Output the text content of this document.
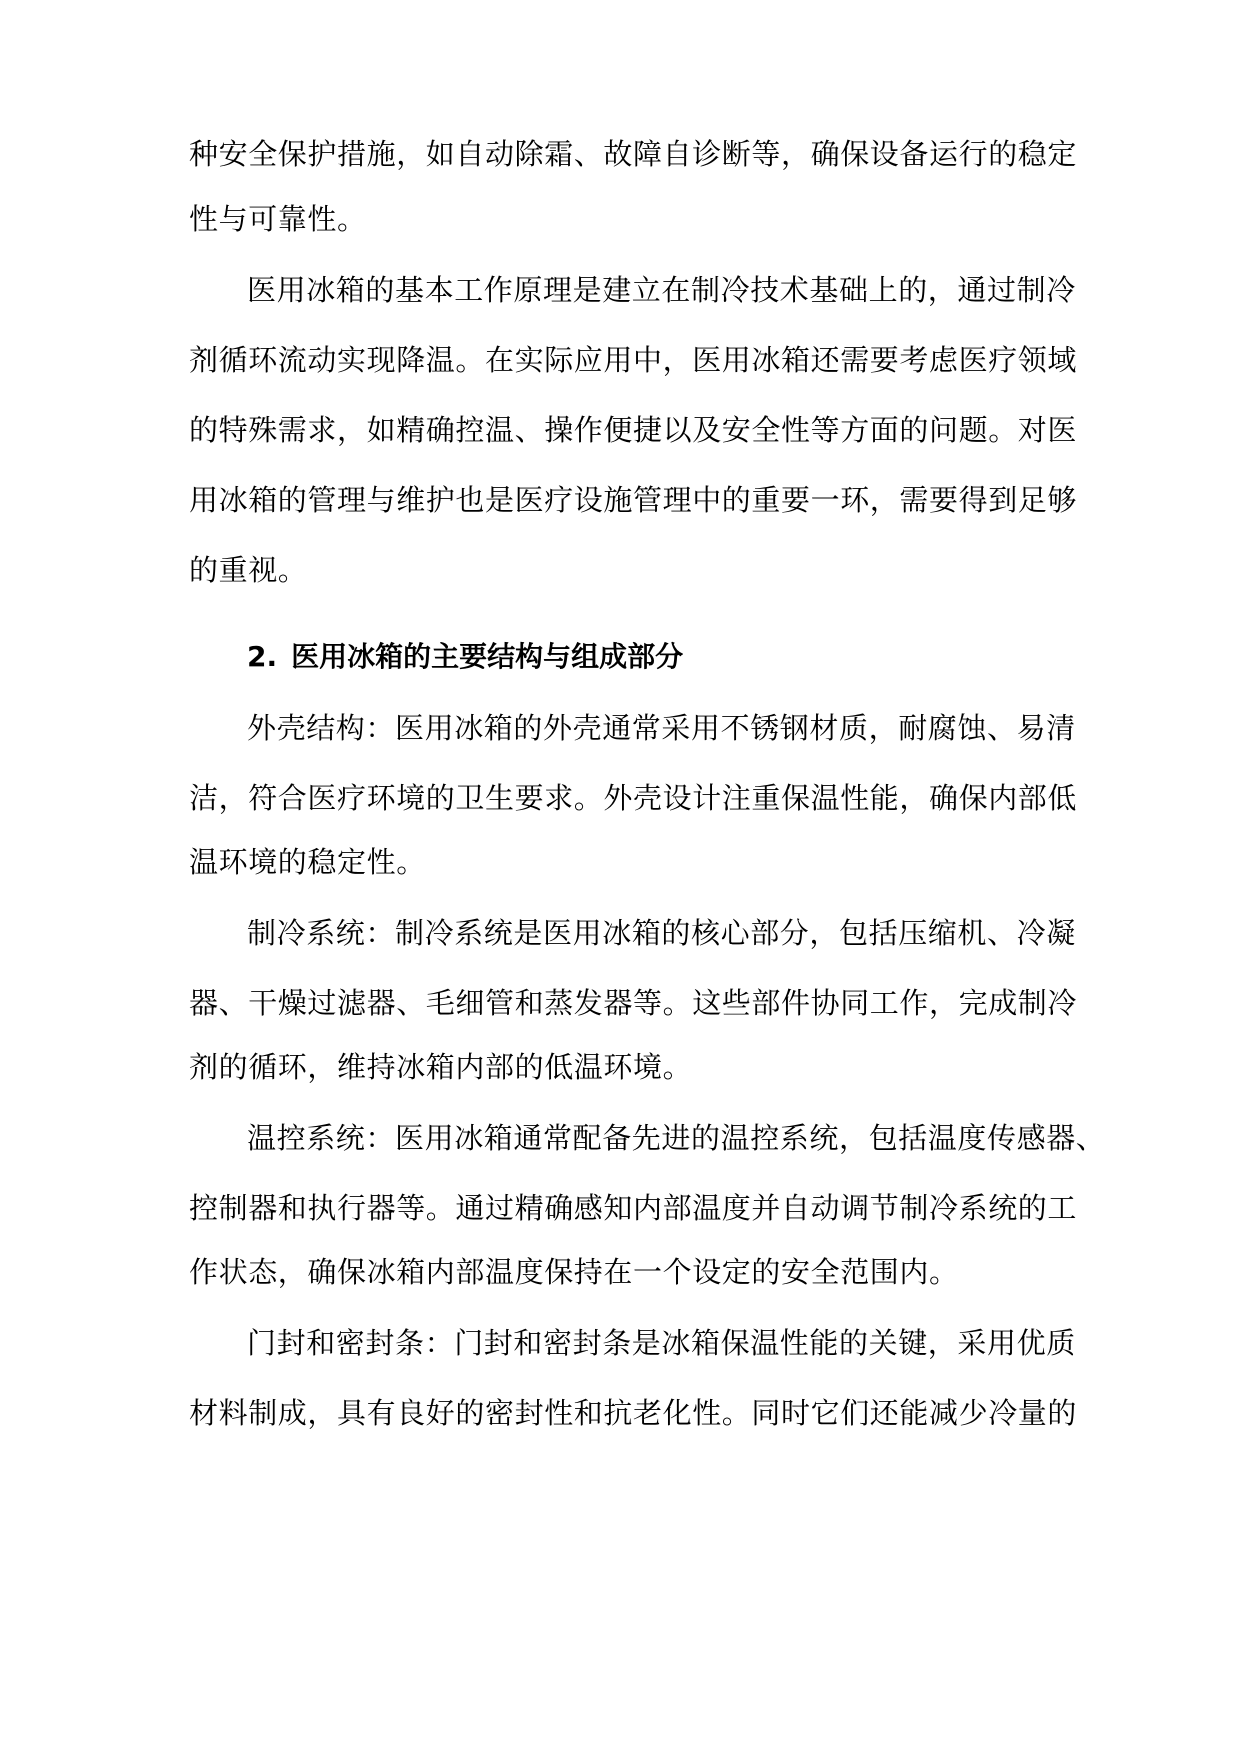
种安全保护措施，如自动除霜、故障自诊断等，确保设备运行的稳定
性与可靠性。
医用冰箱的基本工作原理是建立在制冷技术基础上的，通过制冷
剂循环流动实现降温。在实际应用中，医用冰箱还需要考虑医疗领域
的特殊需求，如精确控温、操作便捷以及安全性等方面的问题。对医
用冰箱的管理与维护也是医疗设施管理中的重要一环，需要得到足够
的重视。
2. 医用冰箱的主要结构与组成部分
外壳结构：医用冰箱的外壳通常采用不锈钢材质，耐腐蚀、易清
洁，符合医疗环境的卫生要求。外壳设计注重保温性能，确保内部低
温环境的稳定性。
制冷系统：制冷系统是医用冰箱的核心部分，包括压缩机、冷凝
器、干燥过滤器、毛细管和蒸发器等。这些部件协同工作，完成制冷
剂的循环，维持冰箱内部的低温环境。
温控系统：医用冰箱通常配备先进的温控系统，包括温度传感器、
控制器和执行器等。通过精确感知内部温度并自动调节制冷系统的工
作状态，确保冰箱内部温度保持在一个设定的安全范围内。
门封和密封条：门封和密封条是冰箱保温性能的关键，采用优质
材料制成，具有良好的密封性和抗老化性。同时它们还能减少冷量的
